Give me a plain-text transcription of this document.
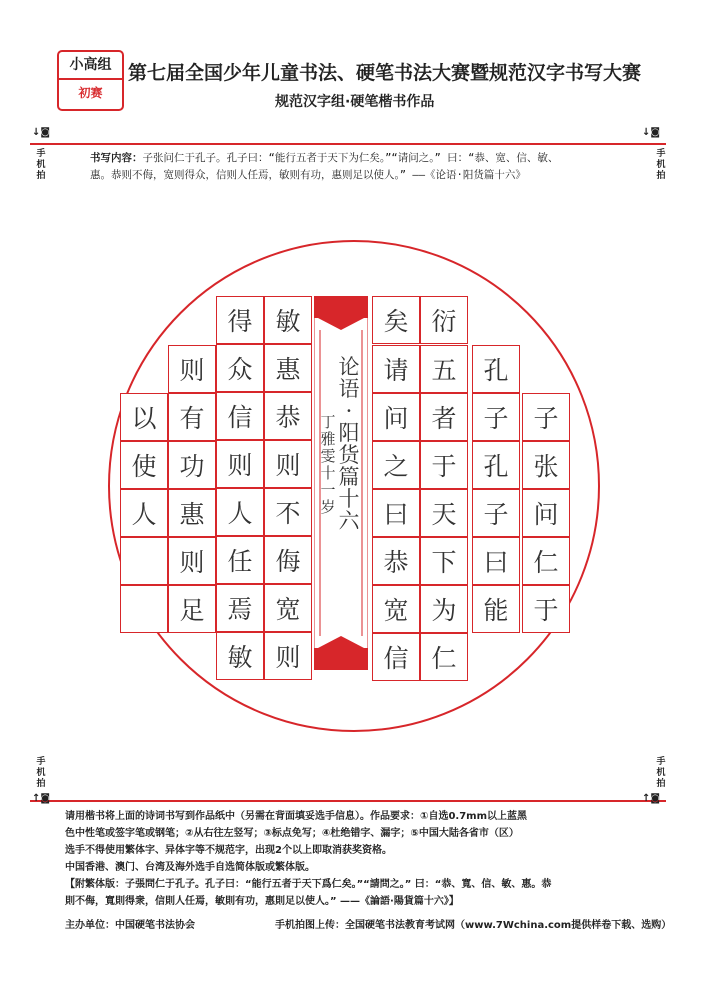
小高组
初赛
第七届全国少年儿童书法、硬笔书法大赛暨规范汉字书写大赛
规范汉字组·硬笔楷书作品
↓◙
手机拍
↓◙
手机拍
书写内容：子张问仁于孔子。孔子曰：“能行五者于天下为仁矣。”“请问之。” 曰：“恭、宽、信、敏、
惠。恭则不侮，宽则得众，信则人任焉，敏则有功，惠则足以使人。” ——《论语·阳货篇十六》
子
张
问
仁
于
孔
子
孔
子
曰
能
五
者
于
天
下
为
仁
请
问
之
曰
恭
宽
信
衍
矣
敏
惠
恭
则
不
侮
宽
则
得
众
信
则
人
任
焉
敏
则
有
功
惠
则
足
以
使
人
论语·阳货篇十六
丁雅雯十一岁
手机拍
↑◙
手机拍
↑◙
请用楷书将上面的诗词书写到作品纸中（另需在背面填妥选手信息）。作品要求：①自选0.7mm以上蓝黑
色中性笔或签字笔或钢笔；②从右往左竖写；③标点免写；④杜绝错字、漏字；⑤中国大陆各省市（区）
选手不得使用繁体字、异体字等不规范字，出现2个以上即取消获奖资格。
中国香港、澳门、台湾及海外选手自选简体版或繁体版。
【附繁体版：子張問仁于孔子。孔子曰：“能行五者于天下爲仁矣。”“請問之。” 曰：“恭、寬、信、敏、惠。恭
則不侮，寬則得衆，信則人任焉，敏則有功，惠則足以使人。” ——《論語·陽貨篇十六》】
主办单位：中国硬笔书法协会	手机拍图上传：全国硬笔书法教育考试网（www.7Wchina.com提供样卷下载、选购）
